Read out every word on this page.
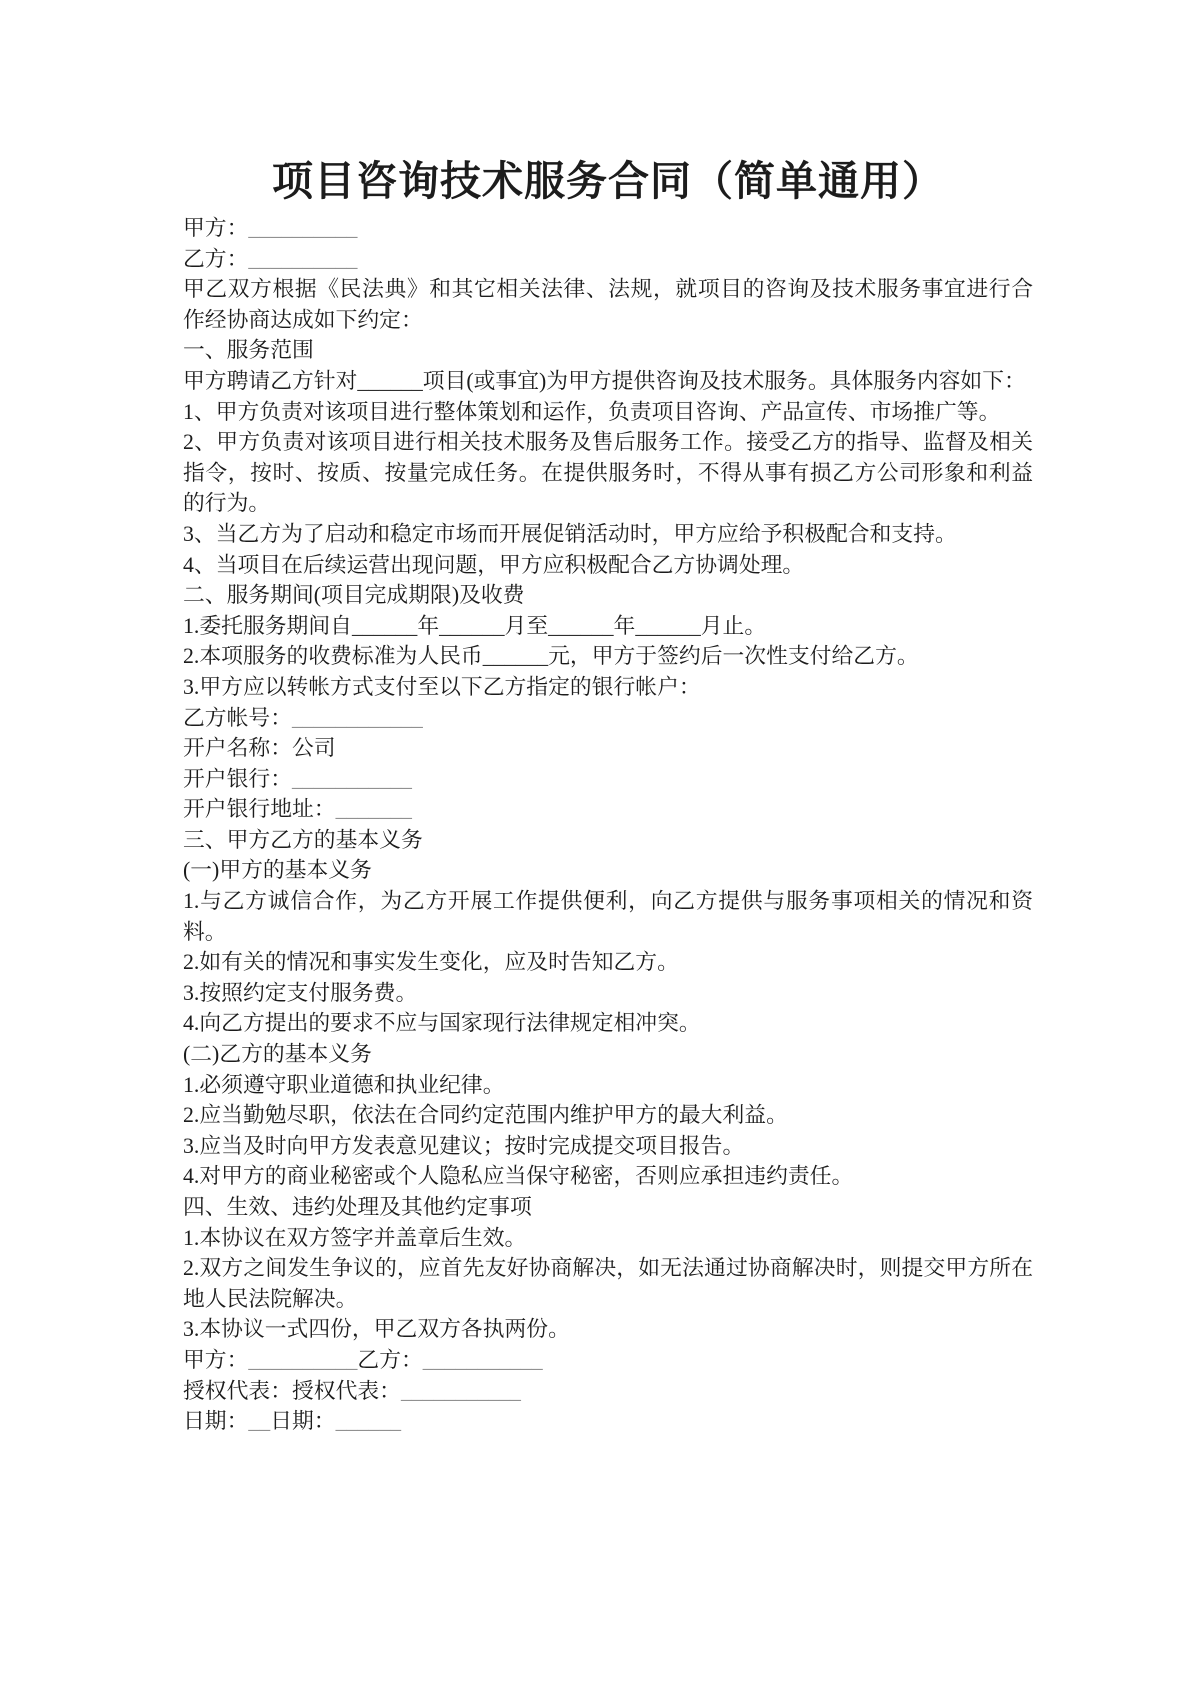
项目咨询技术服务合同（简单通用）

甲方：__________

乙方：__________

甲乙双方根据《民法典》和其它相关法律、法规，就项目的咨询及技术服务事宜进行合作经协商达成如下约定：

一、服务范围

甲方聘请乙方针对______项目(或事宜)为甲方提供咨询及技术服务。具体服务内容如下：

1、甲方负责对该项目进行整体策划和运作，负责项目咨询、产品宣传、市场推广等。

2、甲方负责对该项目进行相关技术服务及售后服务工作。接受乙方的指导、监督及相关指令，按时、按质、按量完成任务。在提供服务时，不得从事有损乙方公司形象和利益的行为。

3、当乙方为了启动和稳定市场而开展促销活动时，甲方应给予积极配合和支持。

4、当项目在后续运营出现问题，甲方应积极配合乙方协调处理。

二、服务期间(项目完成期限)及收费

1.委托服务期间自______年______月至______年______月止。

2.本项服务的收费标准为人民币______元，甲方于签约后一次性支付给乙方。

3.甲方应以转帐方式支付至以下乙方指定的银行帐户：

乙方帐号：____________

开户名称：公司

开户银行：___________

开户银行地址：_______

三、甲方乙方的基本义务

(一)甲方的基本义务

1.与乙方诚信合作，为乙方开展工作提供便利，向乙方提供与服务事项相关的情况和资料。

2.如有关的情况和事实发生变化，应及时告知乙方。

3.按照约定支付服务费。

4.向乙方提出的要求不应与国家现行法律规定相冲突。

(二)乙方的基本义务

1.必须遵守职业道德和执业纪律。

2.应当勤勉尽职，依法在合同约定范围内维护甲方的最大利益。

3.应当及时向甲方发表意见建议；按时完成提交项目报告。

4.对甲方的商业秘密或个人隐私应当保守秘密，否则应承担违约责任。

四、生效、违约处理及其他约定事项

1.本协议在双方签字并盖章后生效。

2.双方之间发生争议的，应首先友好协商解决，如无法通过协商解决时，则提交甲方所在地人民法院解决。

3.本协议一式四份，甲乙双方各执两份。

甲方：__________乙方：___________

授权代表：授权代表：___________

日期：__日期：______
